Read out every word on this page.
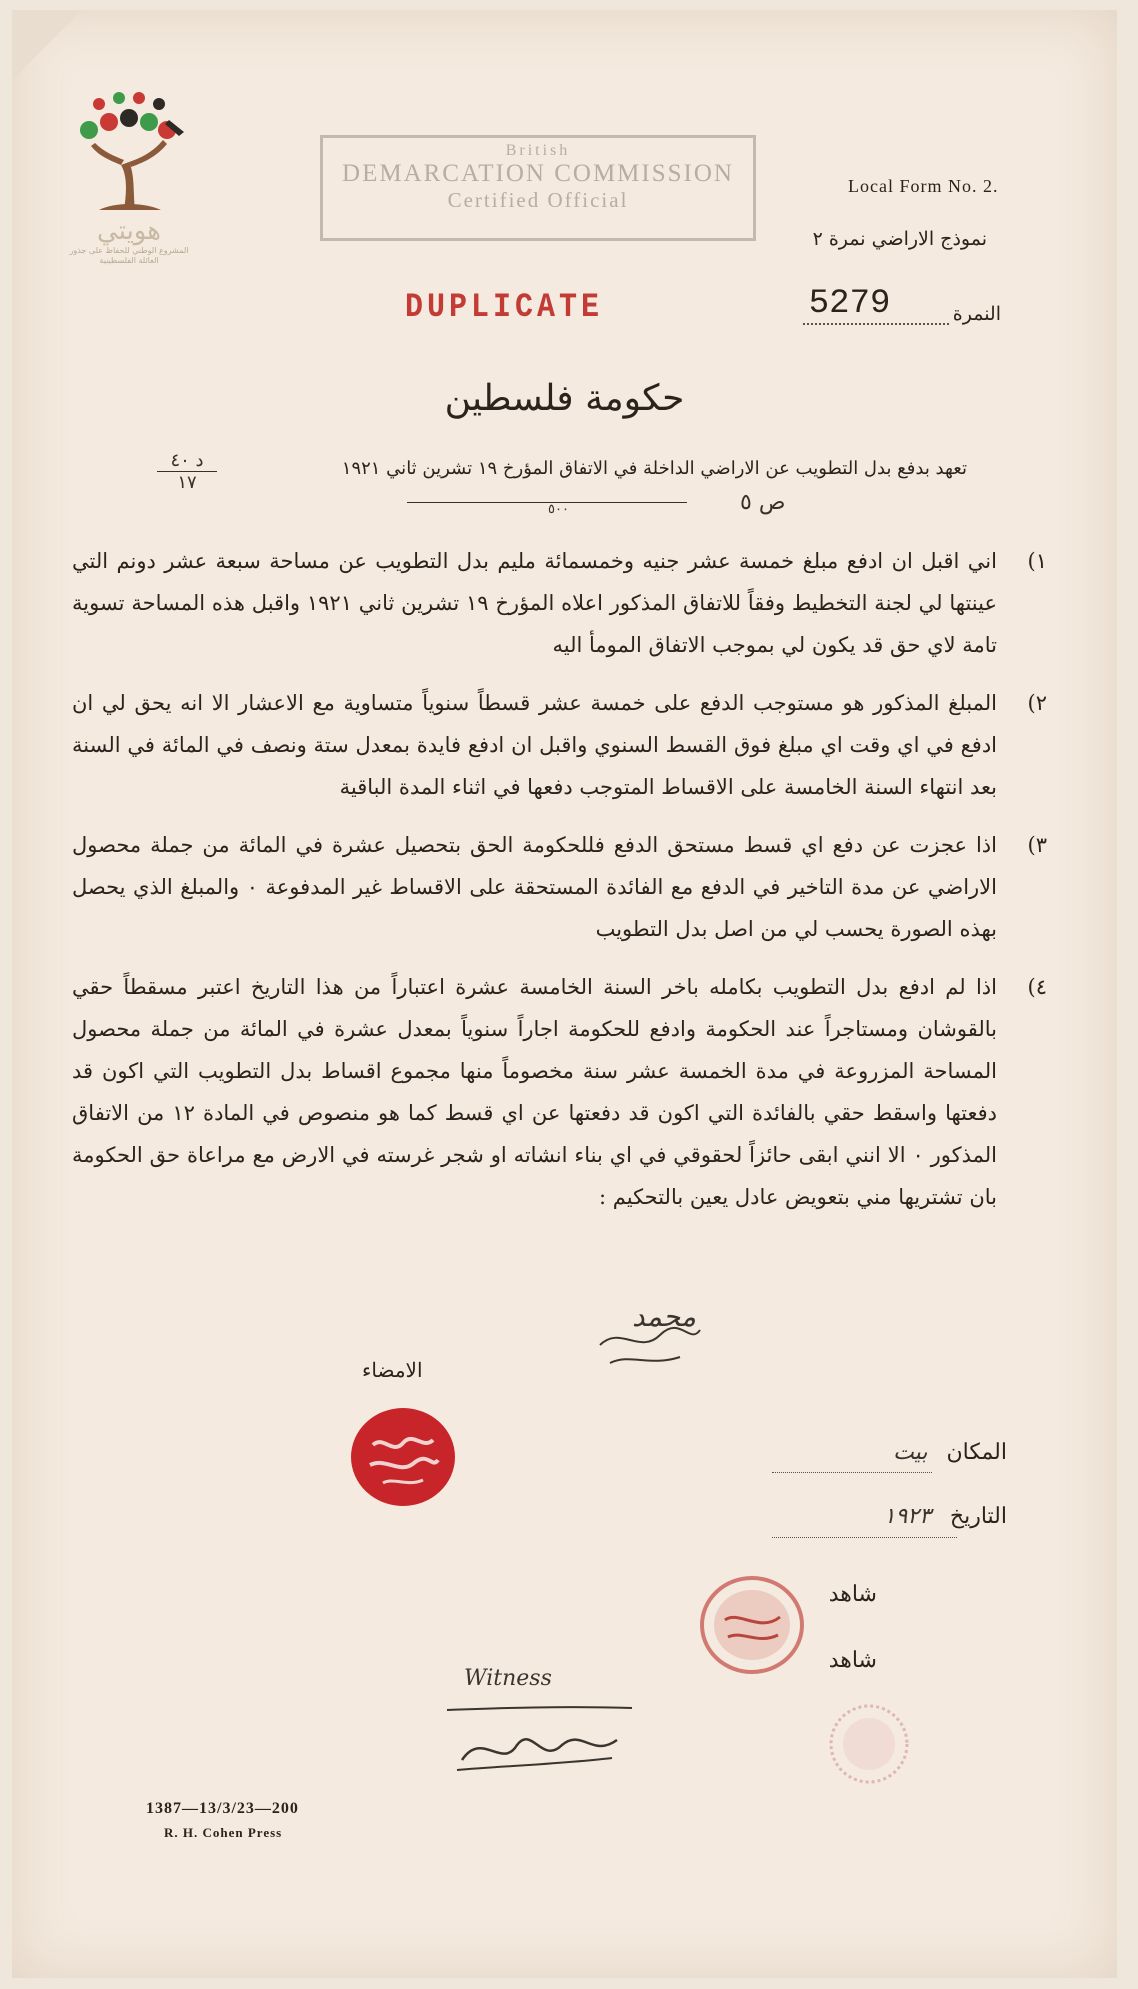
هويتي
المشروع الوطني للحفاظ على جذور العائلة الفلسطينية
British
DEMARCATION COMMISSION
Certified Official
Local Form No. 2.
نموذج الاراضي نمرة ٢
DUPLICATE	النمرة
5279
حكومة فلسطين
د ٤٠
١٧
تعهد بدفع بدل التطويب عن الاراضي الداخلة في الاتفاق المؤرخ ١٩ تشرين ثاني ١٩٢١
ص ٥
٥٠٠
١)
اني اقبل ان ادفع مبلغ خمسة عشر جنيه وخمسمائة مليم بدل التطويب عن مساحة سبعة عشر دونم التي عينتها لي لجنة التخطيط وفقاً للاتفاق المذكور اعلاه المؤرخ ١٩ تشرين ثاني ١٩٢١ واقبل هذه المساحة تسوية تامة لاي حق قد يكون لي بموجب الاتفاق المومأ اليه
٢)
المبلغ المذكور هو مستوجب الدفع على خمسة عشر قسطاً سنوياً متساوية مع الاعشار الا انه يحق لي ان ادفع في اي وقت اي مبلغ فوق القسط السنوي واقبل ان ادفع فايدة بمعدل ستة ونصف في المائة في السنة بعد انتهاء السنة الخامسة على الاقساط المتوجب دفعها في اثناء المدة الباقية
٣)
اذا عجزت عن دفع اي قسط مستحق الدفع فللحكومة الحق بتحصيل عشرة في المائة من جملة محصول الاراضي عن مدة التاخير في الدفع مع الفائدة المستحقة على الاقساط غير المدفوعة ٠ والمبلغ الذي يحصل بهذه الصورة يحسب لي من اصل بدل التطويب
٤)
اذا لم ادفع بدل التطويب بكامله باخر السنة الخامسة عشرة اعتباراً من هذا التاريخ اعتبر مسقطاً حقي بالقوشان ومستاجراً عند الحكومة وادفع للحكومة اجاراً سنوياً بمعدل عشرة في المائة من جملة محصول المساحة المزروعة في مدة الخمسة عشر سنة مخصوماً منها مجموع اقساط بدل التطويب التي اكون قد دفعتها واسقط حقي بالفائدة التي اكون قد دفعتها عن اي قسط كما هو منصوص في المادة ١٢ من الاتفاق المذكور ٠ الا انني ابقى حائزاً لحقوقي في اي بناء انشاته او شجر غرسته في الارض مع مراعاة حق الحكومة بان تشتريها مني بتعويض عادل يعين بالتحكيم :
محمد
الامضاء
المكان بيت
التاريخ ١٩٢٣
شاهد
شاهد
Witness
1387—13/3/23—200
R. H. Cohen Press
